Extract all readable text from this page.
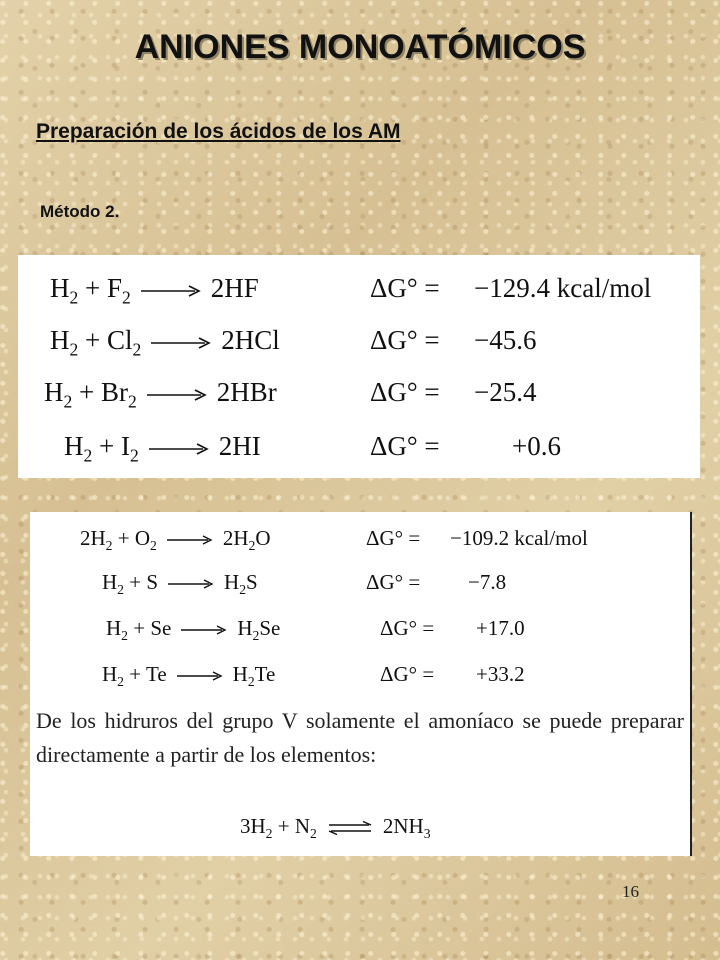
ANIONES MONOATÓMICOS
Preparación de los ácidos de los AM
Método 2.
$H_2 + F_2 \to 2HF$	ΔG° = −129.4 kcal/mol
$H_2 + Cl_2 \to 2HCl$	ΔG° = −45.6
$H_2 + Br_2 \to 2HBr$	ΔG° = −25.4
$H_2 + I_2 \to 2HI$	ΔG° =	+0.6
$2H_2 + O_2 \to 2H_2O$	ΔG° = −109.2 kcal/mol
$H_2 + S \to H_2S$	ΔG° = −7.8
$H_2 + Se \to H_2Se$	ΔG° = +17.0
$H_2 + Te \to H_2Te$	ΔG° = +33.2

De los hidruros del grupo V solamente el amoníaco se puede preparar directamente a partir de los elementos:

$3H_2 + N_2$ ⇌ $2NH_3$
16
